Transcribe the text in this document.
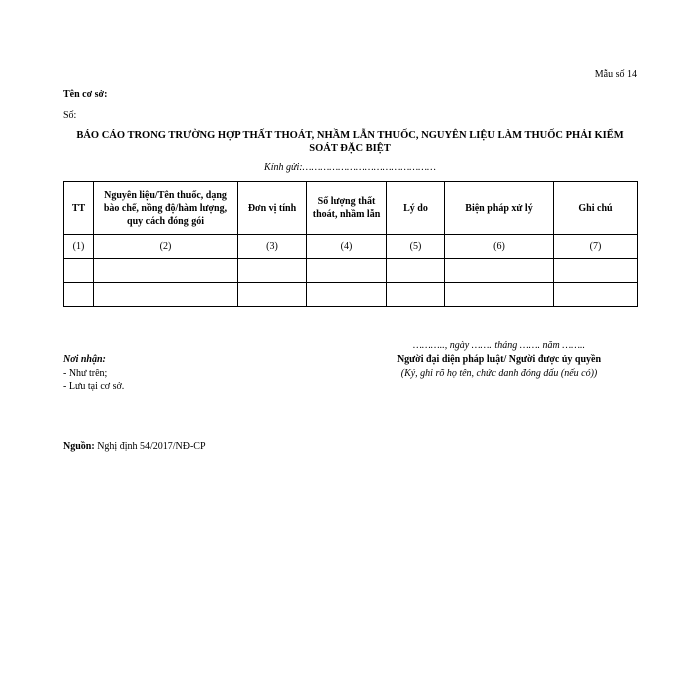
Mẫu số 14
Tên cơ sở:
Số:
BÁO CÁO TRONG TRƯỜNG HỢP THẤT THOÁT, NHẦM LẪN THUỐC, NGUYÊN LIỆU LÀM THUỐC PHẢI KIỂM
SOÁT ĐẶC BIỆT
Kính gửi:………………………………………
TT	Nguyên liệu/Tên thuốc, dạng bào chế, nồng độ/hàm lượng, quy cách đóng gói	Đơn vị tính	Số lượng thất thoát, nhầm lẫn	Lý do	Biện pháp xử lý	Ghi chú
(1)	(2)	(3)	(4)	(5)	(6)	(7)

……….., ngày ……. tháng ……. năm ……..
Người đại diện pháp luật/ Người được ủy quyền
(Ký, ghi rõ họ tên, chức danh đóng dấu (nếu có))
Nơi nhận:
- Như trên;
- Lưu tại cơ sở.
Nguồn: Nghị định 54/2017/NĐ-CP
